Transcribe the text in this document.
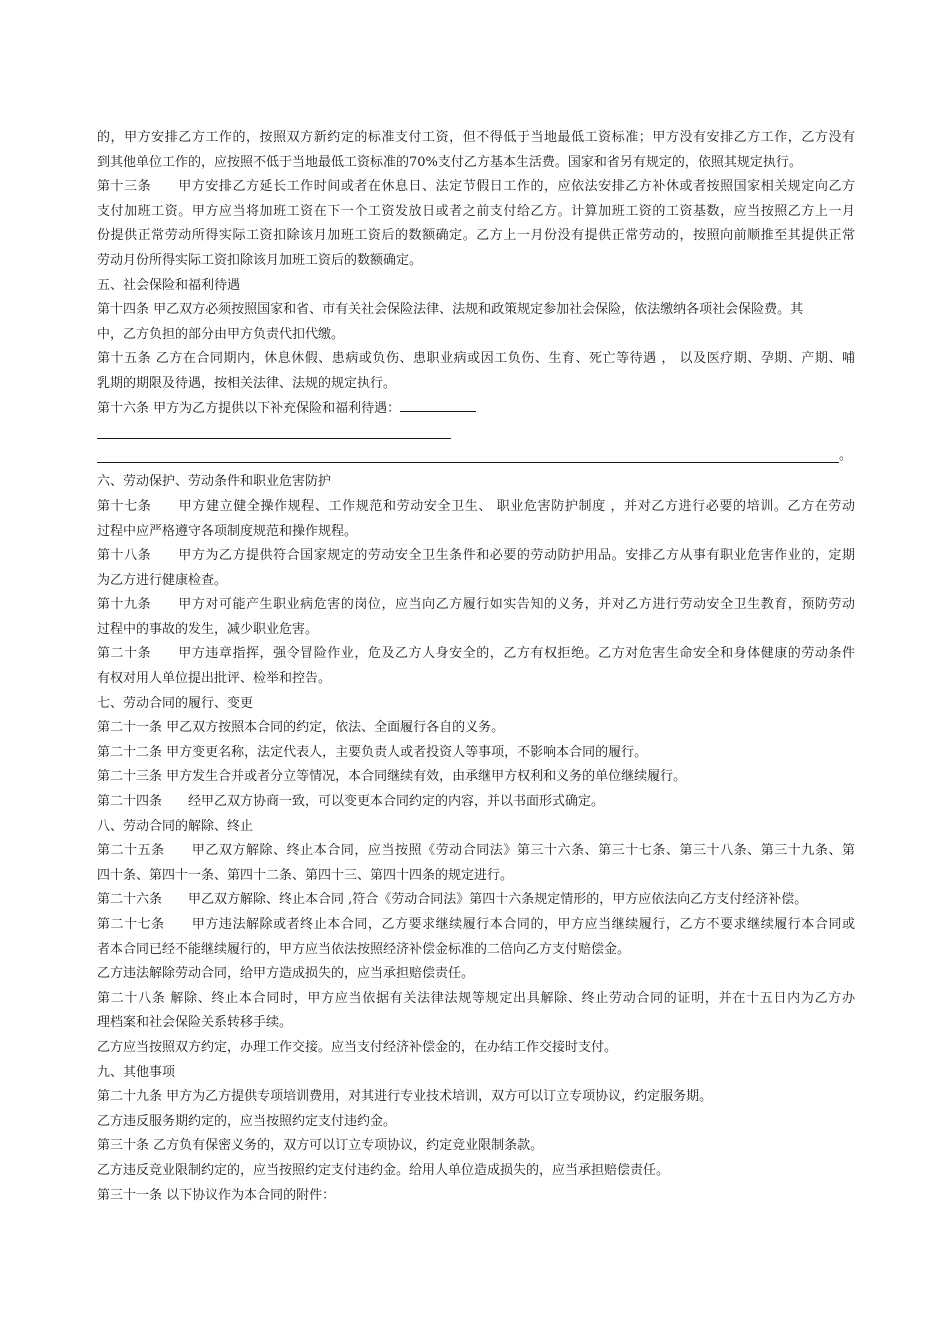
的，甲方安排乙方工作的，按照双方新约定的标准支付工资，但不得低于当地最低工资标准；甲方没有安排乙方工作，乙方没有
到其他单位工作的，应按照不低于当地最低工资标准的70%支付乙方基本生活费。国家和省另有规定的，依照其规定执行。
第十三条　　甲方安排乙方延长工作时间或者在休息日、法定节假日工作的，应依法安排乙方补休或者按照国家相关规定向乙方
支付加班工资。甲方应当将加班工资在下一个工资发放日或者之前支付给乙方。计算加班工资的工资基数，应当按照乙方上一月
份提供正常劳动所得实际工资扣除该月加班工资后的数额确定。乙方上一月份没有提供正常劳动的，按照向前顺推至其提供正常
劳动月份所得实际工资扣除该月加班工资后的数额确定。
五、社会保险和福利待遇
第十四条 甲乙双方必须按照国家和省、市有关社会保险法律、法规和政策规定参加社会保险，依法缴纳各项社会保险费。其
中，乙方负担的部分由甲方负责代扣代缴。
第十五条 乙方在合同期内，休息休假、患病或负伤、患职业病或因工负伤、生育、死亡等待遇 ， 以及医疗期、孕期、产期、哺
乳期的期限及待遇，按相关法律、法规的规定执行。
第十六条 甲方为乙方提供以下补充保险和福利待遇：
。
六、劳动保护、劳动条件和职业危害防护
第十七条　　甲方建立健全操作规程、工作规范和劳动安全卫生、 职业危害防护制度 ，并对乙方进行必要的培训。乙方在劳动
过程中应严格遵守各项制度规范和操作规程。
第十八条　　甲方为乙方提供符合国家规定的劳动安全卫生条件和必要的劳动防护用品。安排乙方从事有职业危害作业的，定期
为乙方进行健康检查。
第十九条　　甲方对可能产生职业病危害的岗位，应当向乙方履行如实告知的义务，并对乙方进行劳动安全卫生教育，预防劳动
过程中的事故的发生，减少职业危害。
第二十条　　甲方违章指挥，强令冒险作业，危及乙方人身安全的，乙方有权拒绝。乙方对危害生命安全和身体健康的劳动条件
有权对用人单位提出批评、检举和控告。
七、劳动合同的履行、变更
第二十一条 甲乙双方按照本合同的约定，依法、全面履行各自的义务。
第二十二条 甲方变更名称，法定代表人，主要负责人或者投资人等事项，不影响本合同的履行。
第二十三条 甲方发生合并或者分立等情况，本合同继续有效，由承继甲方权利和义务的单位继续履行。
第二十四条　　经甲乙双方协商一致，可以变更本合同约定的内容，并以书面形式确定。
八、劳动合同的解除、终止
第二十五条　　甲乙双方解除、终止本合同，应当按照《劳动合同法》第三十六条、第三十七条、第三十八条、第三十九条、第
四十条、第四十一条、第四十二条、第四十三、第四十四条的规定进行。
第二十六条　　甲乙双方解除、终止本合同 ,符合《劳动合同法》第四十六条规定情形的，甲方应依法向乙方支付经济补偿。
第二十七条　　甲方违法解除或者终止本合同，乙方要求继续履行本合同的，甲方应当继续履行，乙方不要求继续履行本合同或
者本合同已经不能继续履行的，甲方应当依法按照经济补偿金标准的二倍向乙方支付赔偿金。
乙方违法解除劳动合同，给甲方造成损失的，应当承担赔偿责任。
第二十八条 解除、终止本合同时，甲方应当依据有关法律法规等规定出具解除、终止劳动合同的证明，并在十五日内为乙方办
理档案和社会保险关系转移手续。
乙方应当按照双方约定，办理工作交接。应当支付经济补偿金的，在办结工作交接时支付。
九、其他事项
第二十九条 甲方为乙方提供专项培训费用，对其进行专业技术培训，双方可以订立专项协议，约定服务期。
乙方违反服务期约定的，应当按照约定支付违约金。
第三十条 乙方负有保密义务的，双方可以订立专项协议，约定竞业限制条款。
乙方违反竞业限制约定的，应当按照约定支付违约金。给用人单位造成损失的，应当承担赔偿责任。
第三十一条 以下协议作为本合同的附件：
